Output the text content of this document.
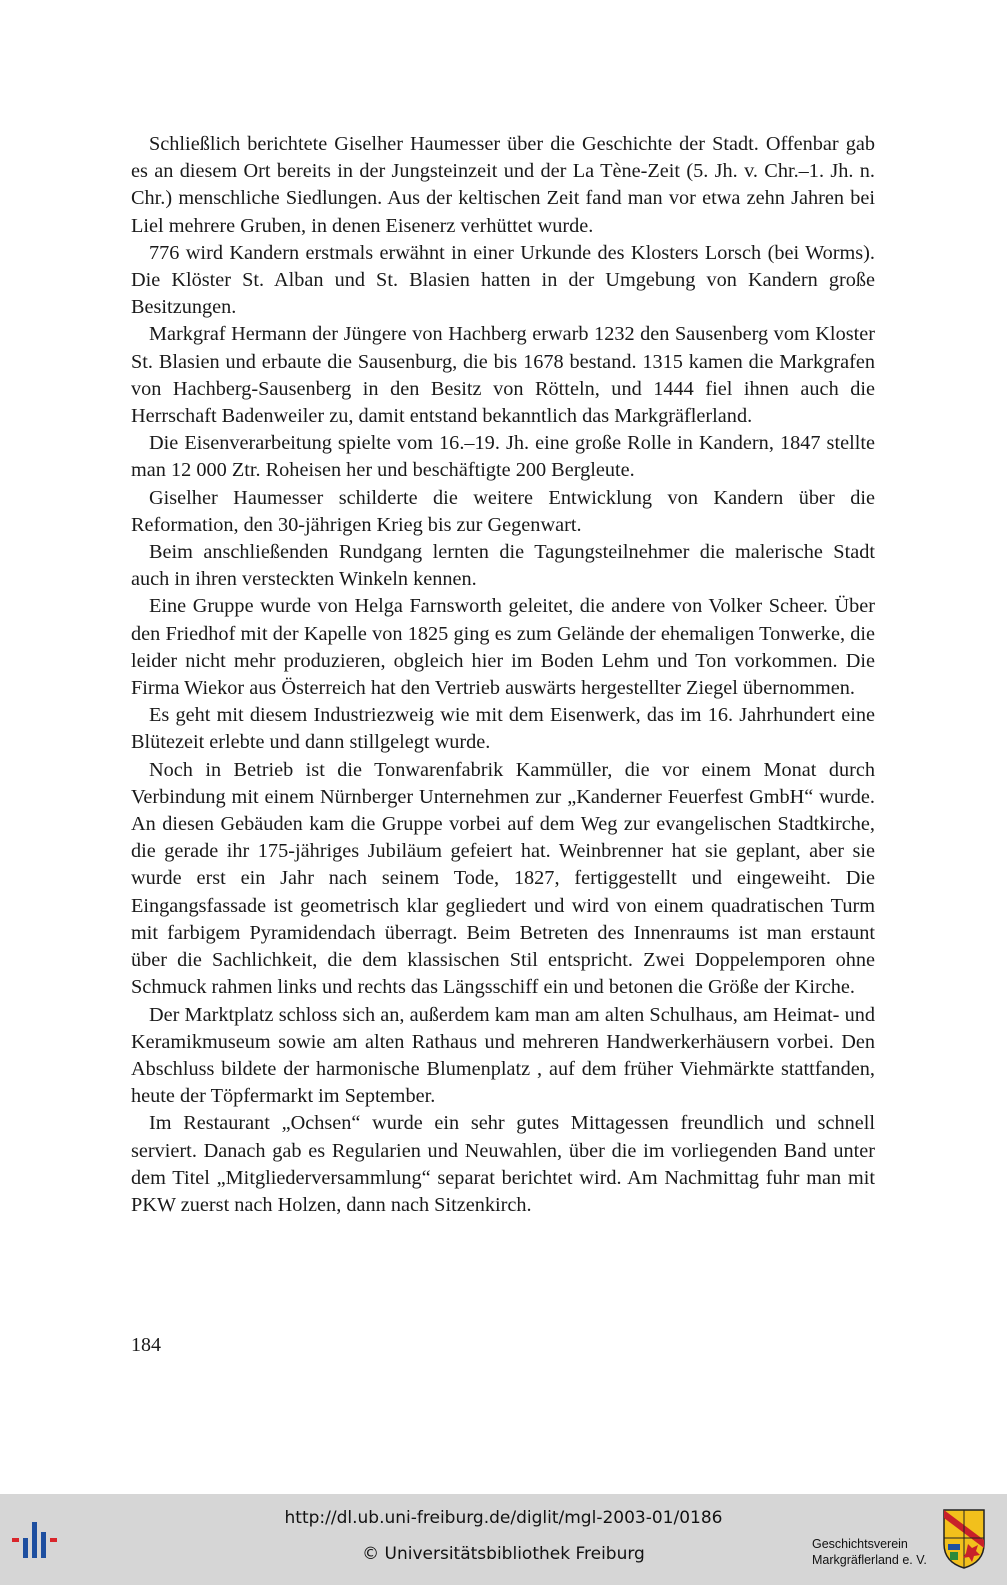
Schließlich berichtete Giselher Haumesser über die Geschichte der Stadt. Offenbar gab es an diesem Ort bereits in der Jungsteinzeit und der La Tène-Zeit (5. Jh. v. Chr.–1. Jh. n. Chr.) menschliche Siedlungen. Aus der keltischen Zeit fand man vor etwa zehn Jahren bei Liel mehrere Gruben, in denen Eisenerz verhüttet wurde.

776 wird Kandern erstmals erwähnt in einer Urkunde des Klosters Lorsch (bei Worms). Die Klöster St. Alban und St. Blasien hatten in der Umgebung von Kandern große Besitzungen.

Markgraf Hermann der Jüngere von Hachberg erwarb 1232 den Sausenberg vom Kloster St. Blasien und erbaute die Sausenburg, die bis 1678 bestand. 1315 kamen die Markgrafen von Hachberg-Sausenberg in den Besitz von Rötteln, und 1444 fiel ihnen auch die Herrschaft Badenweiler zu, damit entstand bekanntlich das Markgräflerland.

Die Eisenverarbeitung spielte vom 16.–19. Jh. eine große Rolle in Kandern, 1847 stellte man 12 000 Ztr. Roheisen her und beschäftigte 200 Bergleute.

Giselher Haumesser schilderte die weitere Entwicklung von Kandern über die Reformation, den 30-jährigen Krieg bis zur Gegenwart.

Beim anschließenden Rundgang lernten die Tagungsteilnehmer die malerische Stadt auch in ihren versteckten Winkeln kennen.

Eine Gruppe wurde von Helga Farnsworth geleitet, die andere von Volker Scheer. Über den Friedhof mit der Kapelle von 1825 ging es zum Gelände der ehemaligen Tonwerke, die leider nicht mehr produzieren, obgleich hier im Boden Lehm und Ton vorkommen. Die Firma Wiekor aus Österreich hat den Vertrieb auswärts hergestellter Ziegel übernommen.

Es geht mit diesem Industriezweig wie mit dem Eisenwerk, das im 16. Jahrhundert eine Blütezeit erlebte und dann stillgelegt wurde.

Noch in Betrieb ist die Tonwarenfabrik Kammüller, die vor einem Monat durch Verbindung mit einem Nürnberger Unternehmen zur „Kanderner Feuerfest GmbH“ wurde. An diesen Gebäuden kam die Gruppe vorbei auf dem Weg zur evangelischen Stadtkirche, die gerade ihr 175-jähriges Jubiläum gefeiert hat. Weinbrenner hat sie geplant, aber sie wurde erst ein Jahr nach seinem Tode, 1827, fertiggestellt und eingeweiht. Die Eingangsfassade ist geometrisch klar gegliedert und wird von einem quadratischen Turm mit farbigem Pyramidendach überragt. Beim Betreten des Innenraums ist man erstaunt über die Sachlichkeit, die dem klassischen Stil entspricht. Zwei Doppelemporen ohne Schmuck rahmen links und rechts das Längsschiff ein und betonen die Größe der Kirche.

Der Marktplatz schloss sich an, außerdem kam man am alten Schulhaus, am Heimat- und Keramikmuseum sowie am alten Rathaus und mehreren Handwerkerhäusern vorbei. Den Abschluss bildete der harmonische Blumenplatz , auf dem früher Viehmärkte stattfanden, heute der Töpfermarkt im September.

Im Restaurant „Ochsen“ wurde ein sehr gutes Mittagessen freundlich und schnell serviert. Danach gab es Regularien und Neuwahlen, über die im vorliegenden Band unter dem Titel „Mitgliederversammlung“ separat berichtet wird. Am Nachmittag fuhr man mit PKW zuerst nach Holzen, dann nach Sitzenkirch.

184
http://dl.ub.uni-freiburg.de/diglit/mgl-2003-01/0186
© Universitätsbibliothek Freiburg	Geschichtsverein
Markgräflerland e. V.
